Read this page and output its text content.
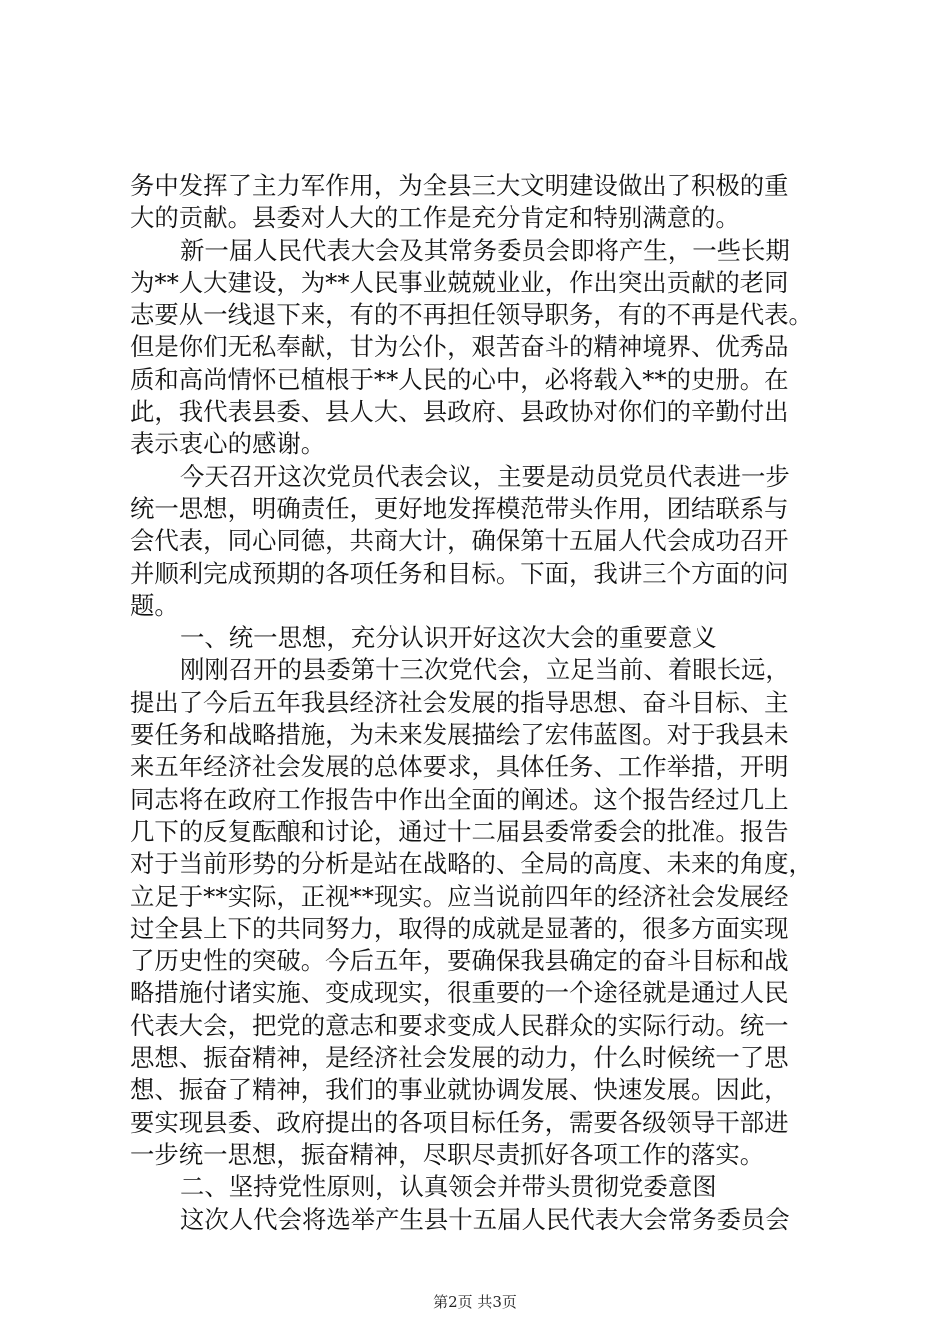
务中发挥了主力军作用，为全县三大文明建设做出了积极的重
大的贡献。县委对人大的工作是充分肯定和特别满意的。
新一届人民代表大会及其常务委员会即将产生，一些长期
为**人大建设，为**人民事业兢兢业业，作出突出贡献的老同
志要从一线退下来，有的不再担任领导职务，有的不再是代表。
但是你们无私奉献，甘为公仆，艰苦奋斗的精神境界、优秀品
质和高尚情怀已植根于**人民的心中，必将载入**的史册。在
此，我代表县委、县人大、县政府、县政协对你们的辛勤付出
表示衷心的感谢。
今天召开这次党员代表会议，主要是动员党员代表进一步
统一思想，明确责任，更好地发挥模范带头作用，团结联系与
会代表，同心同德，共商大计，确保第十五届人代会成功召开
并顺利完成预期的各项任务和目标。下面，我讲三个方面的问
题。
一、统一思想，充分认识开好这次大会的重要意义
刚刚召开的县委第十三次党代会，立足当前、着眼长远，
提出了今后五年我县经济社会发展的指导思想、奋斗目标、主
要任务和战略措施，为未来发展描绘了宏伟蓝图。对于我县未
来五年经济社会发展的总体要求，具体任务、工作举措，开明
同志将在政府工作报告中作出全面的阐述。这个报告经过几上
几下的反复酝酿和讨论，通过十二届县委常委会的批准。报告
对于当前形势的分析是站在战略的、全局的高度、未来的角度，
立足于**实际，正视**现实。应当说前四年的经济社会发展经
过全县上下的共同努力，取得的成就是显著的，很多方面实现
了历史性的突破。今后五年，要确保我县确定的奋斗目标和战
略措施付诸实施、变成现实，很重要的一个途径就是通过人民
代表大会，把党的意志和要求变成人民群众的实际行动。统一
思想、振奋精神，是经济社会发展的动力，什么时候统一了思
想、振奋了精神，我们的事业就协调发展、快速发展。因此，
要实现县委、政府提出的各项目标任务，需要各级领导干部进
一步统一思想，振奋精神，尽职尽责抓好各项工作的落实。
二、坚持党性原则，认真领会并带头贯彻党委意图
这次人代会将选举产生县十五届人民代表大会常务委员会
第2页 共3页
